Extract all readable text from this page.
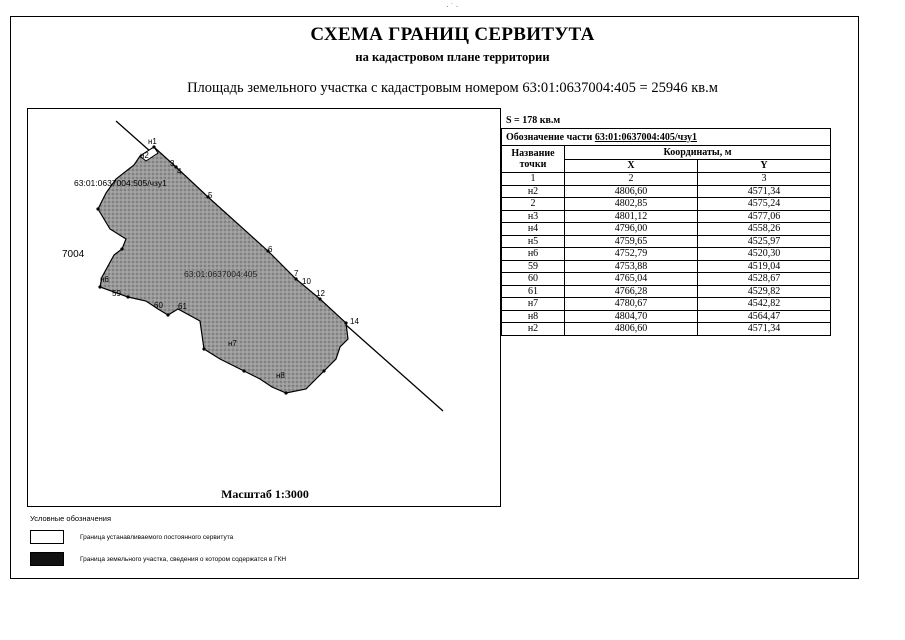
· ˙ ·
СХЕМА ГРАНИЦ СЕРВИТУТА
на кадастровом плане территории
Площадь земельного участка с кадастровым номером 63:01:0637004:405 = 25946 кв.м
н1
н2
3
4
5
6
7
10
12
14
н8
н7
61
60
59
н6
63:01:0637004:505/чзу1
63:01:0637004:405
7004
Масштаб 1:3000
S = 178 кв.м
Обозначение части 63:01:0637004:405/чзу1		
Название точки	Координаты, м	
	X	Y
1	2	3
н2	4806,60	4571,34
2	4802,85	4575,24
н3	4801,12	4577,06
н4	4796,00	4558,26
н5	4759,65	4525,97
н6	4752,79	4520,30
59	4753,88	4519,04
60	4765,04	4528,67
61	4766,28	4529,82
н7	4780,67	4542,82
н8	4804,70	4564,47
н2	4806,60	4571,34
Условные обозначения
Граница устанавливаемого постоянного сервитута
Граница земельного участка, сведения о котором содержатся в ГКН
